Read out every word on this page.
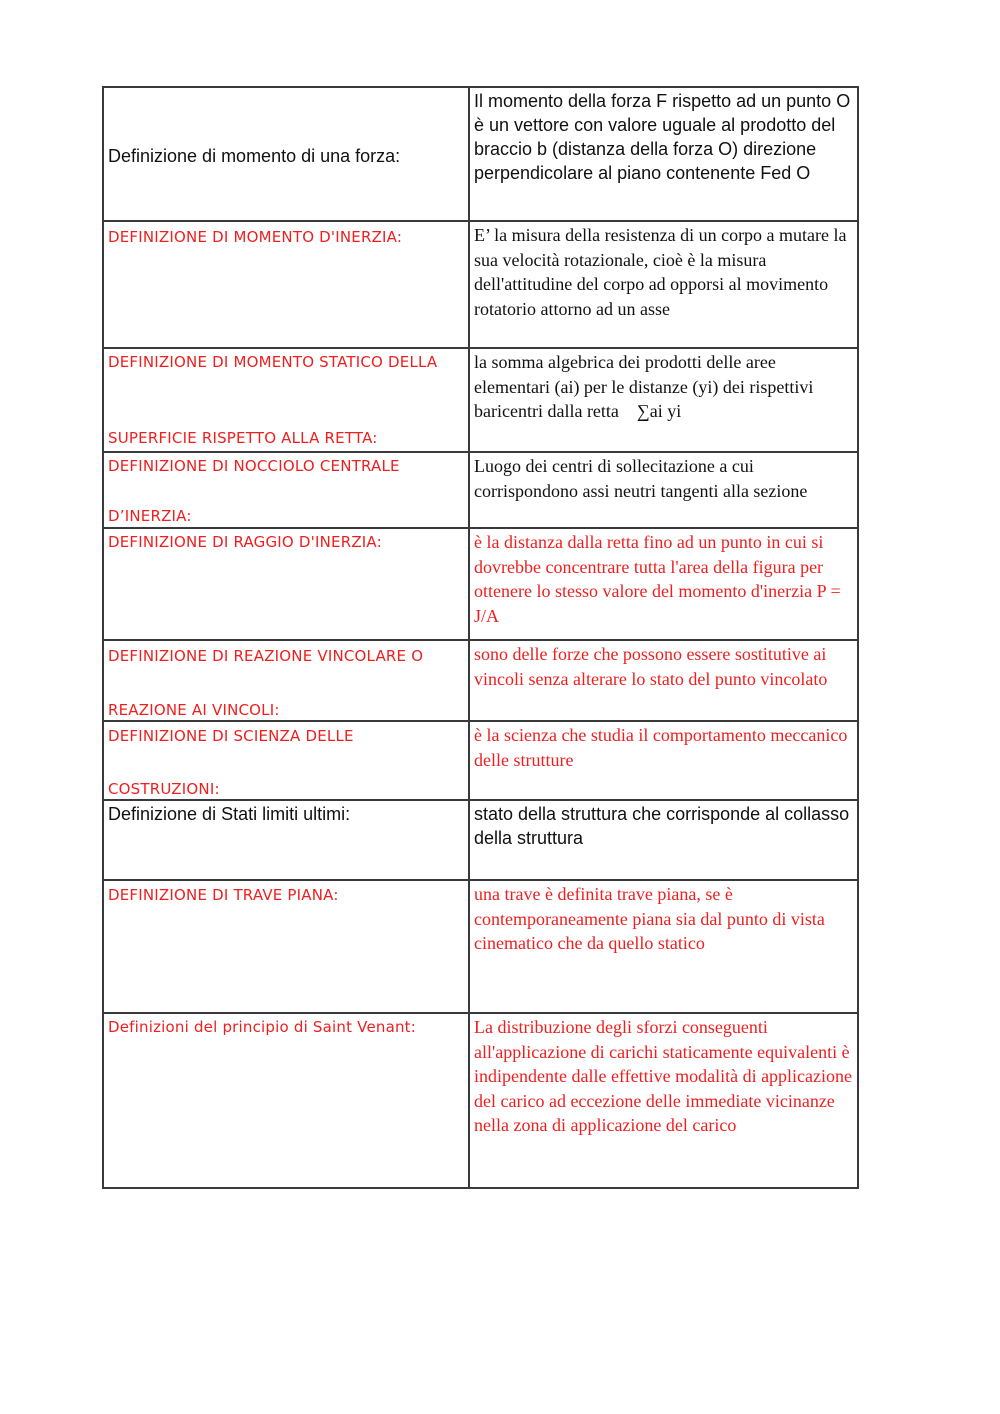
Definizione di momento di una forza:	Il momento della forza F rispetto ad un punto O è un vettore con valore uguale al prodotto del braccio b (distanza della forza O) direzione perpendicolare al piano contenente Fed O

DEFINIZIONE DI MOMENTO D'INERZIA:	E’ la misura della resistenza di un corpo a mutare la sua velocità rotazionale, cioè è la misura dell'attitudine del corpo ad opporsi al movimento rotatorio attorno ad un asse

DEFINIZIONE DI MOMENTO STATICO DELLA
SUPERFICIE RISPETTO ALLA RETTA:	la somma algebrica dei prodotti delle aree elementari (ai) per le distanze (yi) dei rispettivi baricentri dalla retta    ∑ai yi

DEFINIZIONE DI NOCCIOLO CENTRALE
D’INERZIA:	Luogo dei centri di sollecitazione a cui corrispondono assi neutri tangenti alla sezione

DEFINIZIONE DI RAGGIO D'INERZIA:	è la distanza dalla retta fino ad un punto in cui si dovrebbe concentrare tutta l'area della figura per ottenere lo stesso valore del momento d'inerzia P = J/A

DEFINIZIONE DI REAZIONE VINCOLARE O
REAZIONE AI VINCOLI:	sono delle forze che possono essere sostitutive ai vincoli senza alterare lo stato del punto vincolato

DEFINIZIONE DI SCIENZA DELLE
COSTRUZIONI:	è la scienza che studia il comportamento meccanico delle strutture

Definizione di Stati limiti ultimi:	stato della struttura che corrisponde al collasso della struttura

DEFINIZIONE DI TRAVE PIANA:	una trave è definita trave piana, se è contemporaneamente piana sia dal punto di vista cinematico che da quello statico

Definizioni del principio di Saint Venant:	La distribuzione degli sforzi conseguenti all'applicazione di carichi staticamente equivalenti è indipendente dalle effettive modalità di applicazione del carico ad eccezione delle immediate vicinanze nella zona di applicazione del carico
